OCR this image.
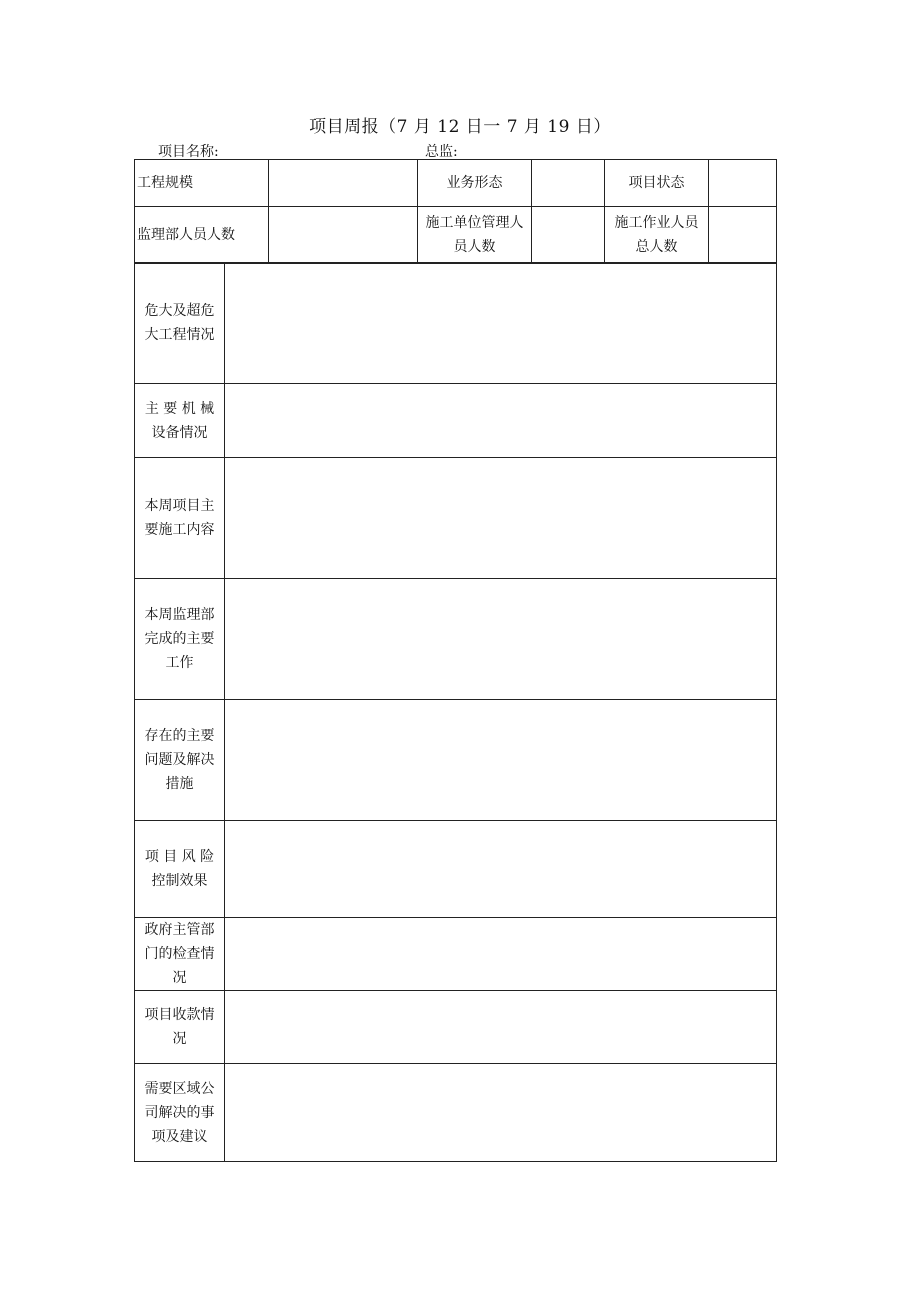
项目周报（7 月 12 日一 7 月 19 日）
项目名称:	总监:
工程规模		业务形态		项目状态	
监理部人员人数		施工单位管理人员人数		施工作业人员总人数	
危大及超危大工程情况	
主 要 机 械 设备情况	
本周项目主要施工内容	
本周监理部完成的主要工作	
存在的主要问题及解决措施	
项 目 风 险 控制效果	
政府主管部门的检查情况	
项目收款情况	
需要区域公司解决的事项及建议	
